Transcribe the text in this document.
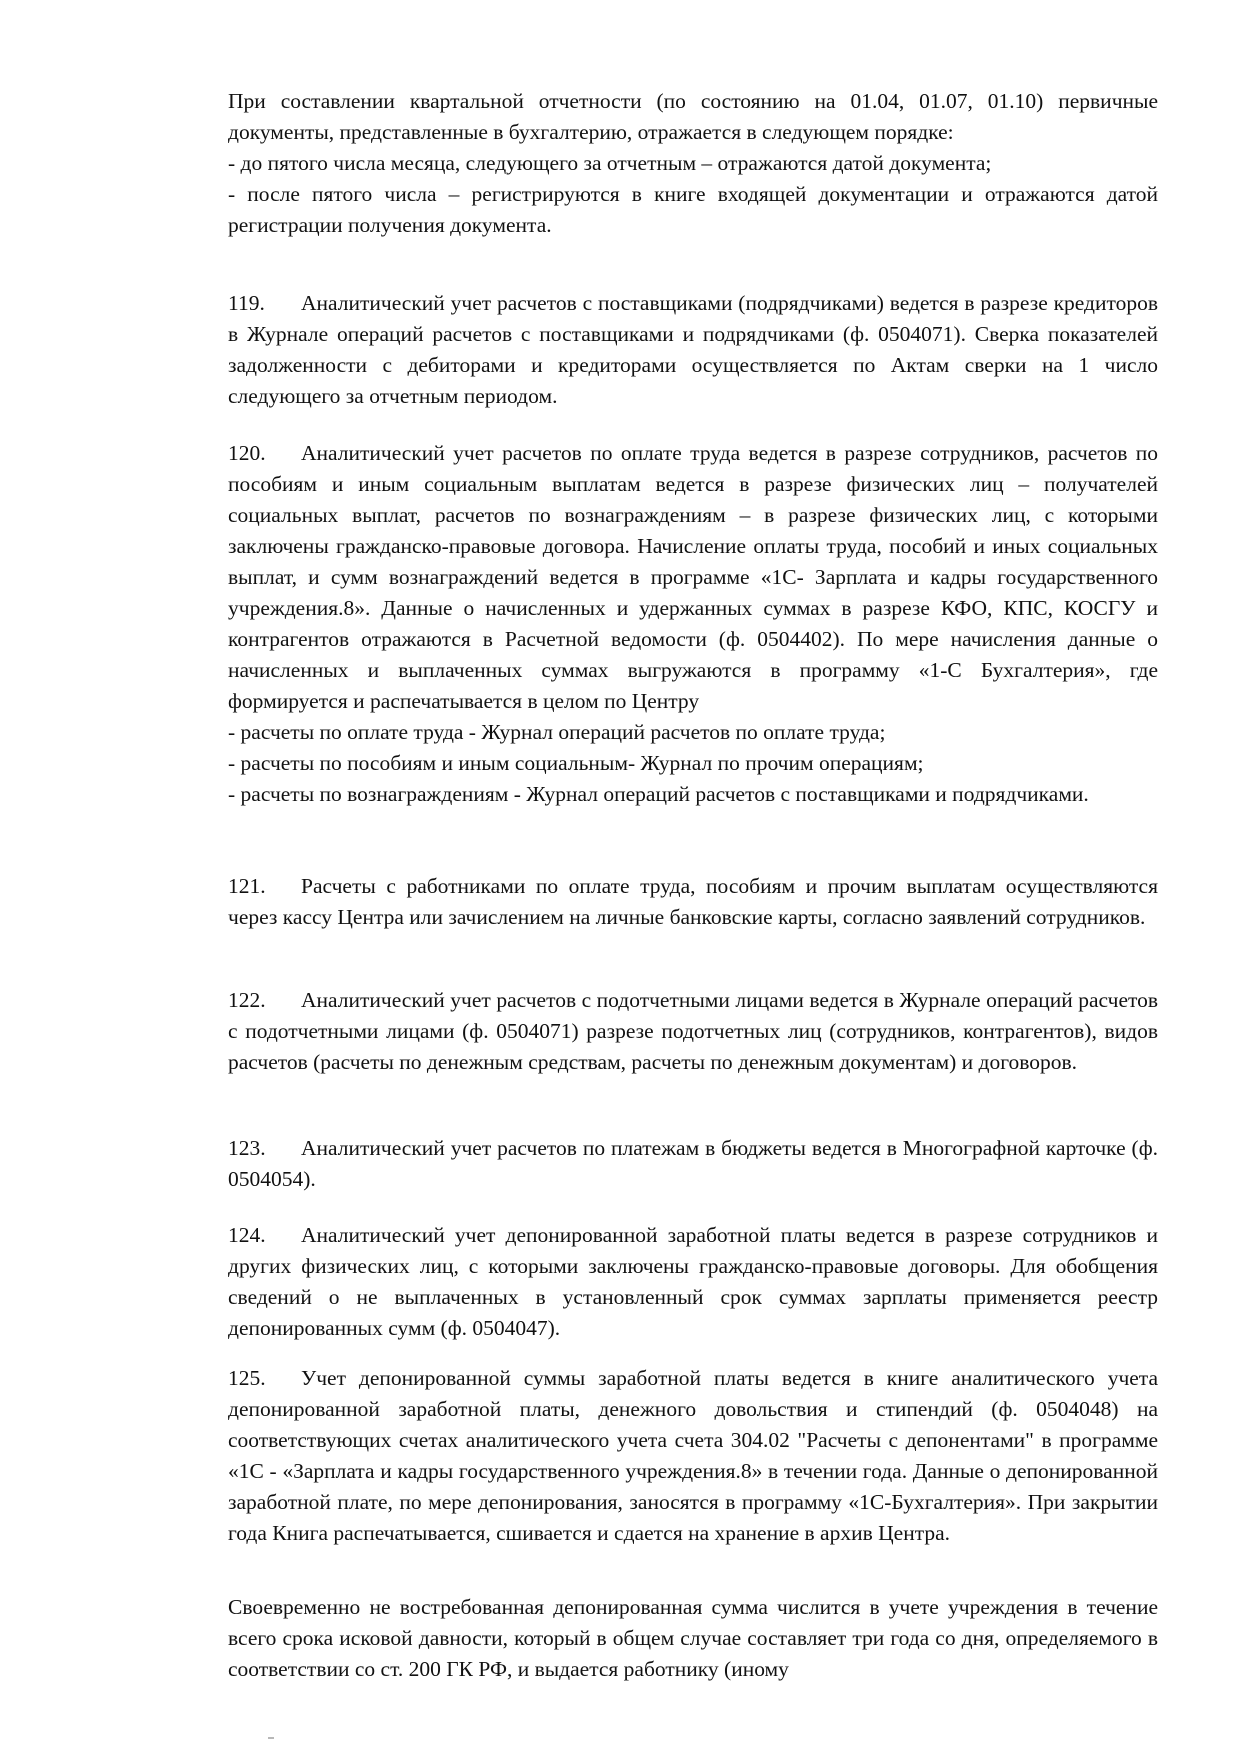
При составлении квартальной отчетности (по состоянию на 01.04, 01.07, 01.10) первичные документы, представленные в бухгалтерию, отражается в следующем порядке:

- до пятого числа месяца, следующего за отчетным – отражаются датой документа;

- после пятого числа – регистрируются в книге входящей документации и отражаются датой регистрации получения документа.

119. Аналитический учет расчетов с поставщиками (подрядчиками) ведется в разрезе кредиторов в Журнале операций расчетов с поставщиками и подрядчиками (ф. 0504071). Сверка показателей задолженности с дебиторами и кредиторами осуществляется по Актам сверки на 1 число следующего за отчетным периодом.

120. Аналитический учет расчетов по оплате труда ведется в разрезе сотрудников, расчетов по пособиям и иным социальным выплатам ведется в разрезе физических лиц – получателей социальных выплат, расчетов по вознаграждениям – в разрезе физических лиц, с которыми заключены гражданско-правовые договора. Начисление оплаты труда, пособий и иных социальных выплат, и сумм вознаграждений ведется в программе «1С- Зарплата и кадры государственного учреждения.8». Данные о начисленных и удержанных суммах в разрезе КФО, КПС, КОСГУ и контрагентов отражаются в Расчетной ведомости (ф. 0504402). По мере начисления данные о начисленных и выплаченных суммах выгружаются в программу «1-С Бухгалтерия», где формируется и распечатывается в целом по Центру

- расчеты по оплате труда - Журнал операций расчетов по оплате труда;

- расчеты по пособиям и иным социальным- Журнал по прочим операциям;

- расчеты по вознаграждениям - Журнал операций расчетов с поставщиками и подрядчиками.

121. Расчеты с работниками по оплате труда, пособиям и прочим выплатам осуществляются через кассу Центра или зачислением на личные банковские карты, согласно заявлений сотрудников.

122. Аналитический учет расчетов с подотчетными лицами ведется в Журнале операций расчетов с подотчетными лицами (ф. 0504071) разрезе подотчетных лиц (сотрудников, контрагентов), видов расчетов (расчеты по денежным средствам, расчеты по денежным документам) и договоров.

123. Аналитический учет расчетов по платежам в бюджеты ведется в Многографной карточке (ф. 0504054).

124. Аналитический учет депонированной заработной платы ведется в разрезе сотрудников и других физических лиц, с которыми заключены гражданско-правовые договоры. Для обобщения сведений о не выплаченных в установленный срок суммах зарплаты применяется реестр депонированных сумм (ф. 0504047).

125. Учет депонированной суммы заработной платы ведется в книге аналитического учета депонированной заработной платы, денежного довольствия и стипендий (ф. 0504048) на соответствующих счетах аналитического учета счета 304.02 "Расчеты с депонентами" в программе «1С - «Зарплата и кадры государственного учреждения.8» в течении года. Данные о депонированной заработной плате, по мере депонирования, заносятся в программу «1С-Бухгалтерия». При закрытии года Книга распечатывается, сшивается и сдается на хранение в архив Центра.

Своевременно не востребованная депонированная сумма числится в учете учреждения в течение всего срока исковой давности, который в общем случае составляет три года со дня, определяемого в соответствии со ст. 200 ГК РФ, и выдается работнику (иному
